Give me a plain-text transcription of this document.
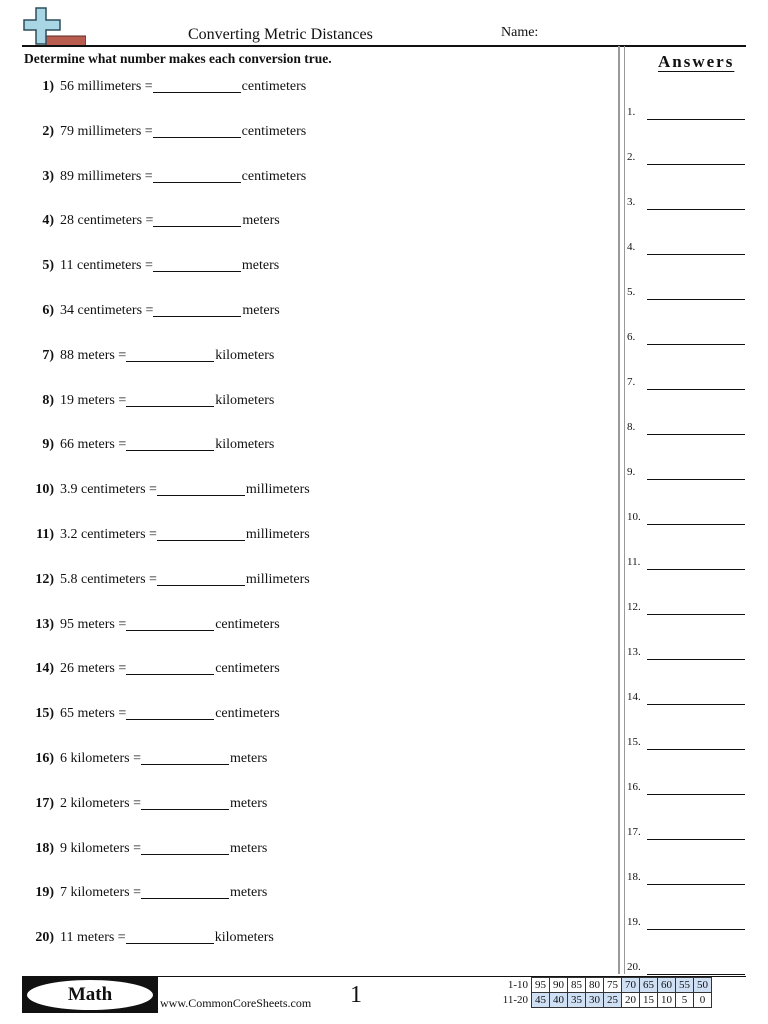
Converting Metric Distances	Name:
Determine what number makes each conversion true.
1 ) 56 millimeters =	centimeters
2 ) 79 millimeters =	centimeters
3 ) 89 millimeters =	centimeters
4 ) 28 centimeters =	meters
5 ) 11 centimeters =	meters
6 ) 34 centimeters =	meters
7 ) 88 meters =	kilometers
8 ) 19 meters =	kilometers
9 ) 66 meters =	kilometers
10 ) 3.9 centimeters =	millimeters
11 ) 3.2 centimeters =	millimeters
12 ) 5.8 centimeters =	millimeters
13 ) 95 meters =	centimeters
14 ) 26 meters =	centimeters
15 ) 65 meters =	centimeters
16 ) 6 kilometers =	meters
17 ) 2 kilometers =	meters
18 ) 9 kilometers =	meters
19 ) 7 kilometers =	meters
20 ) 11 meters =	kilometers
Answers
1.
2.
3.
4.
5.
6.
7.
8.
9.
10.
11.
12.
13.
14.
15.
16.
17.
18.
19.
20.
Math	www.CommonCoreSheets.com 1	1-10	95	90	85	80	75	70	65	60	55	50
11-20	45	40	35	30	25	20	15	10	5	0
